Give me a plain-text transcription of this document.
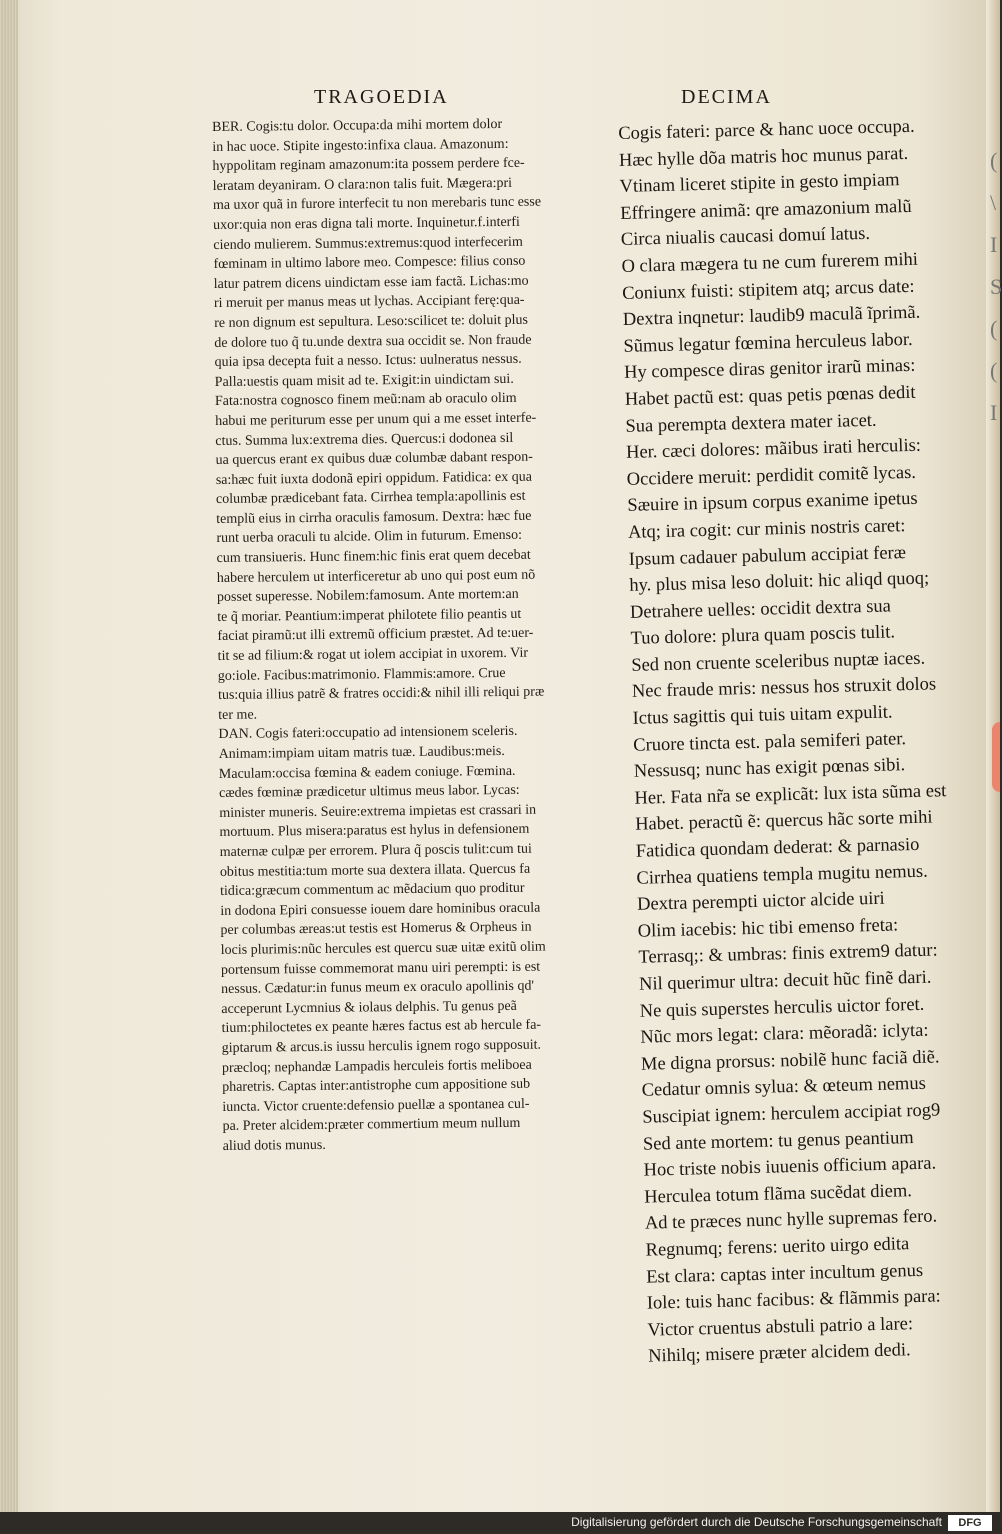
(
\
I
S
(
(
I
TRAGOEDIA	DECIMA
BER. Cogis:tu dolor. Occupa:da mihi mortem dolor
in hac uoce. Stipite ingesto:infixa claua. Amazonum:
hyppolitam reginam amazonum:ita possem perdere fce-
leratam deyaniram. O clara:non talis fuit. Mægera:pri
ma uxor quã in furore interfecit tu non merebaris tunc esse
uxor:quia non eras digna tali morte. Inquinetur.f.interfi
ciendo mulierem. Summus:extremus:quod interfecerim
fœminam in ultimo labore meo. Compesce: filius conso
latur patrem dicens uindictam esse iam factã. Lichas:mo
ri meruit per manus meas ut lychas. Accipiant ferę:qua-
re non dignum est sepultura. Leso:scilicet te: doluit plus
de dolore tuo q̃ tu.unde dextra sua occidit se. Non fraude
quia ipsa decepta fuit a nesso. Ictus: uulneratus nessus.
Palla:uestis quam misit ad te. Exigit:in uindictam sui.
Fata:nostra cognosco finem meũ:nam ab oraculo olim
habui me periturum esse per unum qui a me esset interfe-
ctus. Summa lux:extrema dies. Quercus:i dodonea sil
ua quercus erant ex quibus duæ columbæ dabant respon-
sa:hæc fuit iuxta dodonã epiri oppidum. Fatidica: ex qua
columbæ prædicebant fata. Cirrhea templa:apollinis est
templũ eius in cirrha oraculis famosum. Dextra: hæc fue
runt uerba oraculi tu alcide. Olim in futurum. Emenso:
cum transiueris. Hunc finem:hic finis erat quem decebat
habere herculem ut interficeretur ab uno qui post eum nõ
posset superesse. Nobilem:famosum. Ante mortem:an
te q̃ moriar. Peantium:imperat philotete filio peantis ut
faciat piramũ:ut illi extremũ officium præstet. Ad te:uer-
tit se ad filium:& rogat ut iolem accipiat in uxorem. Vir
go:iole. Facibus:matrimonio. Flammis:amore. Crue
tus:quia illius patrẽ & fratres occidi:& nihil illi reliqui præ
ter me.
DAN. Cogis fateri:occupatio ad intensionem sceleris.
Animam:impiam uitam matris tuæ. Laudibus:meis.
Maculam:occisa fœmina & eadem coniuge. Fœmina.
cædes fœminæ prædicetur ultimus meus labor. Lycas:
minister muneris. Seuire:extrema impietas est crassari in
mortuum. Plus misera:paratus est hylus in defensionem
maternæ culpæ per errorem. Plura q̃ poscis tulit:cum tui
obitus mestitia:tum morte sua dextera illata. Quercus fa
tidica:græcum commentum ac mẽdacium quo proditur
in dodona Epiri consuesse iouem dare hominibus oracula
per columbas æreas:ut testis est Homerus & Orpheus in
locis plurimis:nũc hercules est quercu suæ uitæ exitũ olim
portensum fuisse commemorat manu uiri perempti: is est
nessus. Cædatur:in funus meum ex oraculo apollinis qd'
acceperunt Lycmnius & iolaus delphis. Tu genus peã
tium:philoctetes ex peante hæres factus est ab hercule fa-
giptarum & arcus.is iussu herculis ignem rogo supposuit.
præcloq; nephandæ Lampadis herculeis fortis meliboea
pharetris. Captas inter:antistrophe cum appositione sub
iuncta. Victor cruente:defensio puellæ a spontanea cul-
pa. Preter alcidem:præter commertium meum nullum
aliud dotis munus.
Cogis fateri: parce & hanc uoce occupa.
Hæc hylle dõa matris hoc munus parat.
Vtinam liceret stipite in gesto impiam
Effringere animã: qre amazonium malũ
Circa niualis caucasi domuí latus.
O clara mægera tu ne cum furerem mihi
Coniunx fuisti: stipitem atq; arcus date:
Dextra inqnetur: laudib9 maculã ĩprimã.
Sũmus legatur fœmina herculeus labor.
Hy compesce diras genitor irarũ minas:
Habet pactũ est: quas petis pœnas dedit
Sua perempta dextera mater iacet.
Her. cæci dolores: mãibus irati herculis:
Occidere meruit: perdidit comitẽ lycas.
Sæuire in ipsum corpus exanime ipetus
Atq; ira cogit: cur minis nostris caret:
Ipsum cadauer pabulum accipiat feræ
hy. plus misa leso doluit: hic aliqd quoq;
Detrahere uelles: occidit dextra sua
Tuo dolore: plura quam poscis tulit.
Sed non cruente sceleribus nuptæ iaces.
Nec fraude mris: nessus hos struxit dolos
Ictus sagittis qui tuis uitam expulit.
Cruore tincta est. pala semiferi pater.
Nessusq; nunc has exigit pœnas sibi.
Her. Fata nr̃a se explicãt: lux ista sũma est
Habet. peractũ ẽ: quercus hãc sorte mihi
Fatidica quondam dederat: & parnasio
Cirrhea quatiens templa mugitu nemus.
Dextra perempti uictor alcide uiri
Olim iacebis: hic tibi emenso freta:
Terrasq;: & umbras: finis extrem9 datur:
Nil querimur ultra: decuit hũc finẽ dari.
Ne quis superstes herculis uictor foret.
Nũc mors legat: clara: mẽoradã: iclyta:
Me digna prorsus: nobilẽ hunc faciã diẽ.
Cedatur omnis sylua: & œteum nemus
Suscipiat ignem: herculem accipiat rog9
Sed ante mortem: tu genus peantium
Hoc triste nobis iuuenis officium apara.
Herculea totum flãma sucẽdat diem.
Ad te præces nunc hylle supremas fero.
Regnumq; ferens: uerito uirgo edita
Est clara: captas inter incultum genus
Iole: tuis hanc facibus: & flãmmis para:
Victor cruentus abstuli patrio a lare:
Nihilq; misere præter alcidem dedi.
Digitalisierung gefördert durch die Deutsche Forschungsgemeinschaft	DFG
